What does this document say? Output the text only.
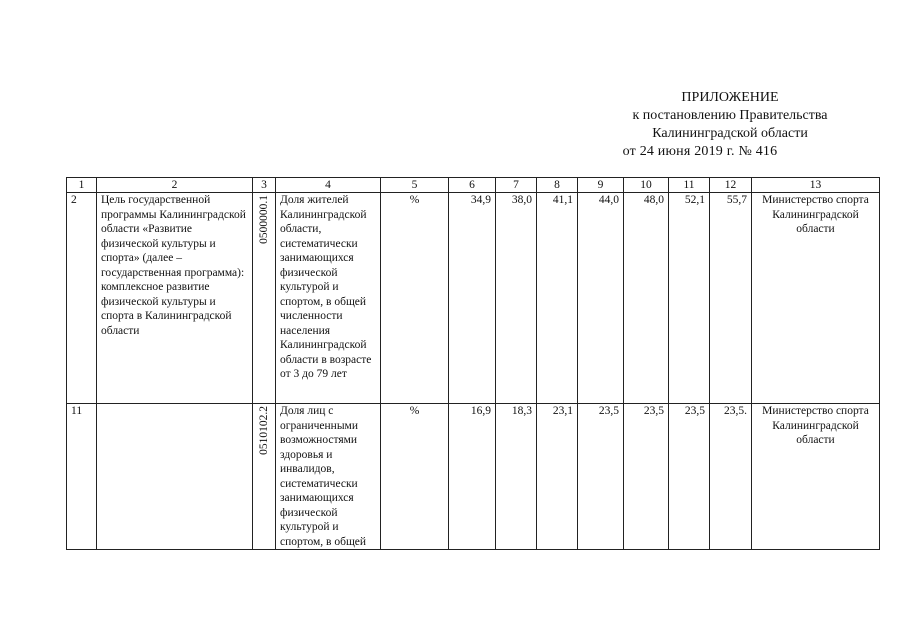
ПРИЛОЖЕНИЕ
к постановлению Правительства
Калининградской области
от 24 июня 2019 г. № 416
1	2	3	4	5	6	7	8	9	10	11	12	13
2	Цель государственной программы Калининградской области «Развитие физической культуры и спорта» (далее – государственная программа): комплексное развитие физической культуры и спорта в Калининградской области	0500000.1	Доля жителей Калининградской области, систематически занимающихся физической культурой и спортом, в общей численности населения Калининградской области в возрасте от 3 до 79 лет	%	34,9	38,0	41,1	44,0	48,0	52,1	55,7	Министерство спорта Калининградской области
11		0510102.2	Доля лиц с ограниченными возможностями здоровья и инвалидов, систематически занимающихся физической культурой и спортом, в общей	%	16,9	18,3	23,1	23,5	23,5	23,5	23,5.	Министерство спорта Калининградской области
